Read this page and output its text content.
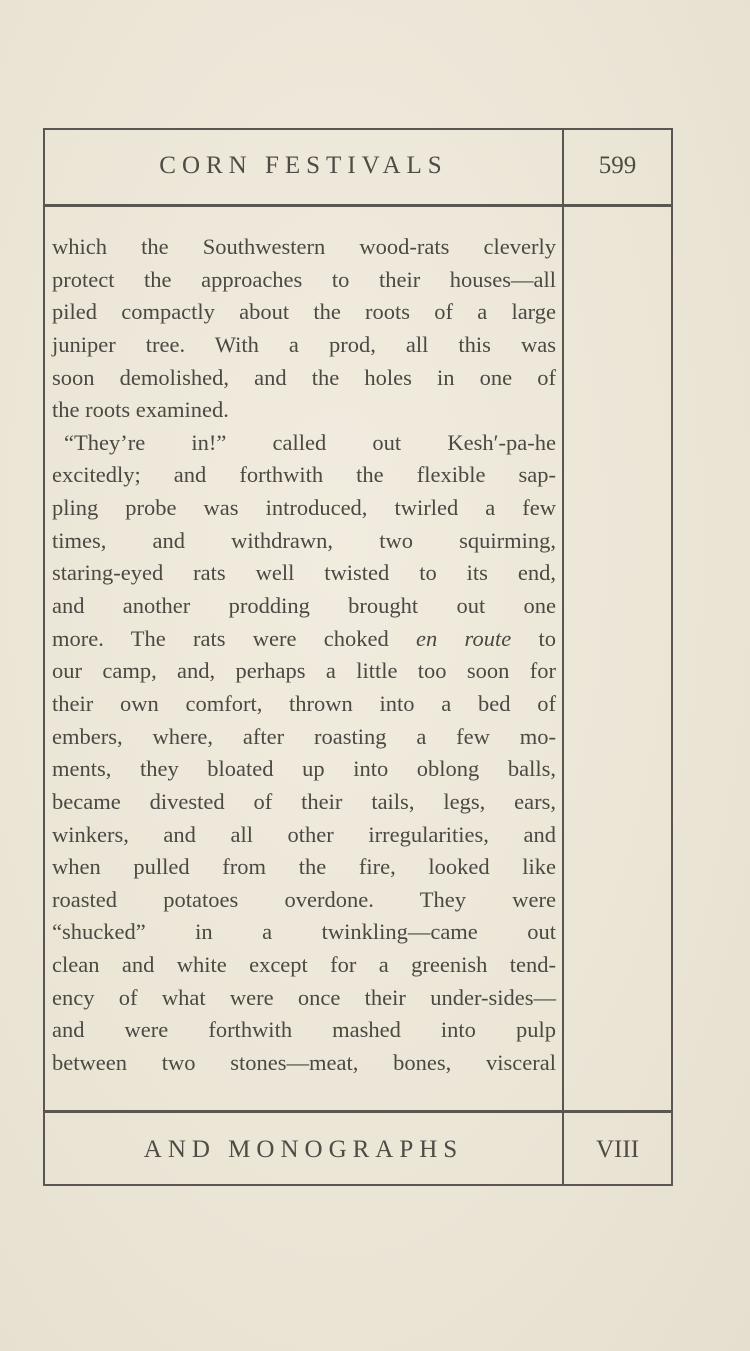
CORN FESTIVALS	599
which the Southwestern wood-rats cleverly
protect the approaches to their houses—all
piled compactly about the roots of a large
juniper tree. With a prod, all this was
soon demolished, and the holes in one of
the roots examined.
“They’re in!” called out Kesh′-pa-he
excitedly; and forthwith the flexible sap-
pling probe was introduced, twirled a few
times, and withdrawn, two squirming,
staring-eyed rats well twisted to its end,
and another prodding brought out one
more. The rats were choked en route to
our camp, and, perhaps a little too soon for
their own comfort, thrown into a bed of
embers, where, after roasting a few mo-
ments, they bloated up into oblong balls,
became divested of their tails, legs, ears,
winkers, and all other irregularities, and
when pulled from the fire, looked like
roasted potatoes overdone. They were
“shucked” in a twinkling—came out
clean and white except for a greenish tend-
ency of what were once their under-sides—
and were forthwith mashed into pulp
between two stones—meat, bones, visceral
AND MONOGRAPHS	VIII
